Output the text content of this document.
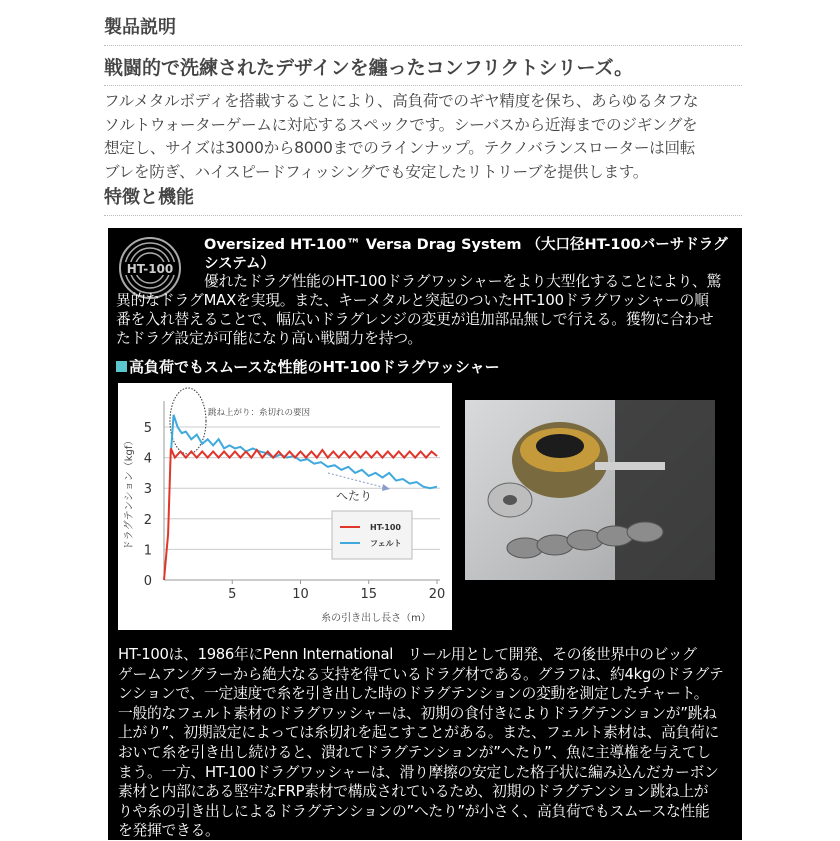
製品説明
戦闘的で洗練されたデザインを纏ったコンフリクトシリーズ。
フルメタルボディを搭載することにより、高負荷でのギヤ精度を保ち、あらゆるタフな
ソルトウォーターゲームに対応するスペックです。シーバスから近海までのジギングを
想定し、サイズは3000から8000までのラインナップ。テクノバランスローターは回転
ブレを防ぎ、ハイスピードフィッシングでも安定したリトリーブを提供します。
特徴と機能
HT-100
Oversized HT-100™ Versa Drag System （大口径HT-100バーサドラグシステム）
優れたドラグ性能のHT-100ドラグワッシャーをより大型化することにより、驚
異的なドラグMAXを実現。また、キーメタルと突起のついたHT-100ドラグワッシャーの順
番を入れ替えることで、幅広いドラグレンジの変更が追加部品無しで行える。獲物に合わせ
たドラグ設定が可能になり高い戦闘力を持つ。
高負荷でもスムースな性能のHT-100ドラグワッシャー
0
1
2
3
4
5
5	10	15	20
ドラグテンション（kgf）
糸の引き出し長さ（m）
跳ね上がり：糸切れの要因
へたり
HT-100
フェルト
HT-100は、1986年にPenn International　リール用として開発、その後世界中のビッグ
ゲームアングラーから絶大なる支持を得ているドラグ材である。グラフは、約4kgのドラグテ
ンションで、一定速度で糸を引き出した時のドラグテンションの変動を測定したチャート。
一般的なフェルト素材のドラグワッシャーは、初期の食付きによりドラグテンションが”跳ね
上がり”、初期設定によっては糸切れを起こすことがある。また、フェルト素材は、高負荷に
おいて糸を引き出し続けると、潰れてドラグテンションが”へたり”、魚に主導権を与えてし
まう。一方、HT-100ドラグワッシャーは、滑り摩擦の安定した格子状に編み込んだカーボン
素材と内部にある堅牢なFRP素材で構成されているため、初期のドラグテンション跳ね上が
りや糸の引き出しによるドラグテンションの”へたり”が小さく、高負荷でもスムースな性能
を発揮できる。
